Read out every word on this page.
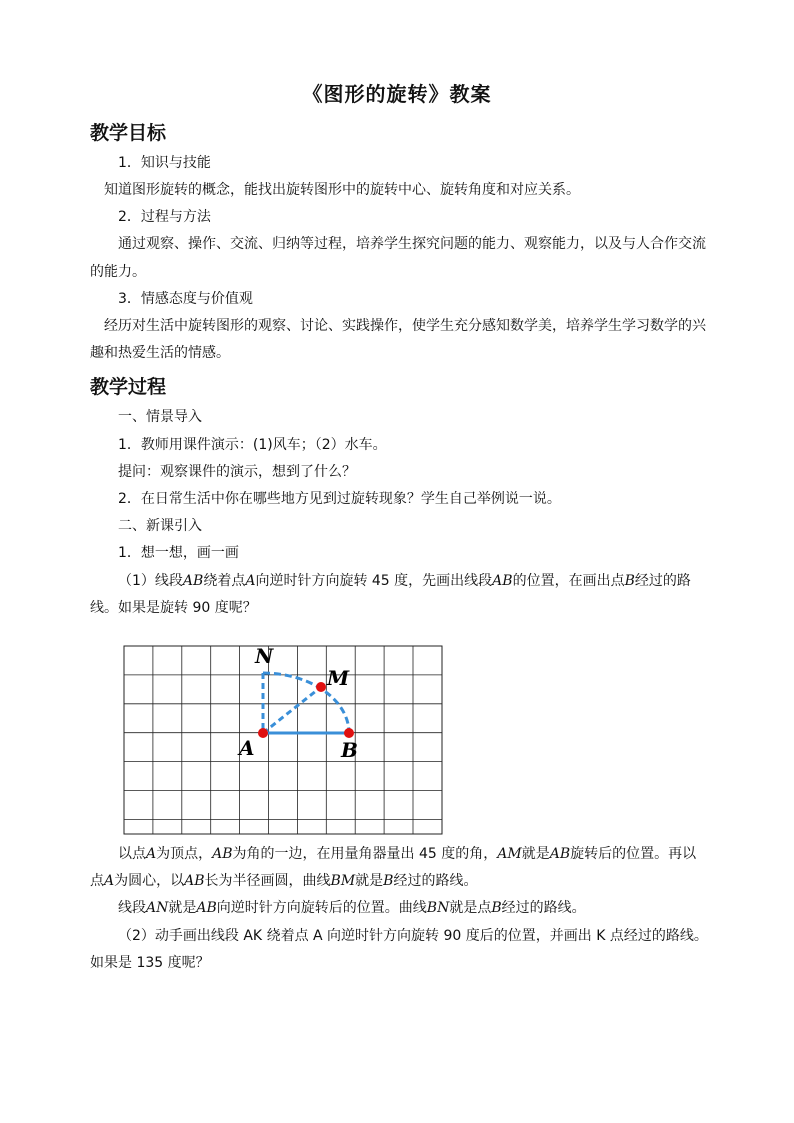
《图形的旋转》教案
教学目标
1．知识与技能
知道图形旋转的概念，能找出旋转图形中的旋转中心、旋转角度和对应关系。
2．过程与方法
通过观察、操作、交流、归纳等过程，培养学生探究问题的能力、观察能力，以及与人合作交流
的能力。
3．情感态度与价值观
经历对生活中旋转图形的观察、讨论、实践操作，使学生充分感知数学美，培养学生学习数学的兴
趣和热爱生活的情感。
教学过程
一、情景导入
1．教师用课件演示：(1)风车；（2）水车。
提问：观察课件的演示，想到了什么？
2．在日常生活中你在哪些地方见到过旋转现象？学生自己举例说一说。
二、新课引入
1．想一想，画一画
（1）线段AB绕着点A向逆时针方向旋转 45 度，先画出线段AB的位置，在画出点B经过的路
线。如果是旋转 90 度呢？
N
M
A	B
以点A为顶点，AB为角的一边，在用量角器量出 45 度的角，AM就是AB旋转后的位置。再以
点A为圆心，以AB长为半径画圆，曲线BM就是B经过的路线。
线段AN就是AB向逆时针方向旋转后的位置。曲线BN就是点B经过的路线。
（2）动手画出线段 AK 绕着点 A 向逆时针方向旋转 90 度后的位置，并画出 K 点经过的路线。
如果是 135 度呢？
